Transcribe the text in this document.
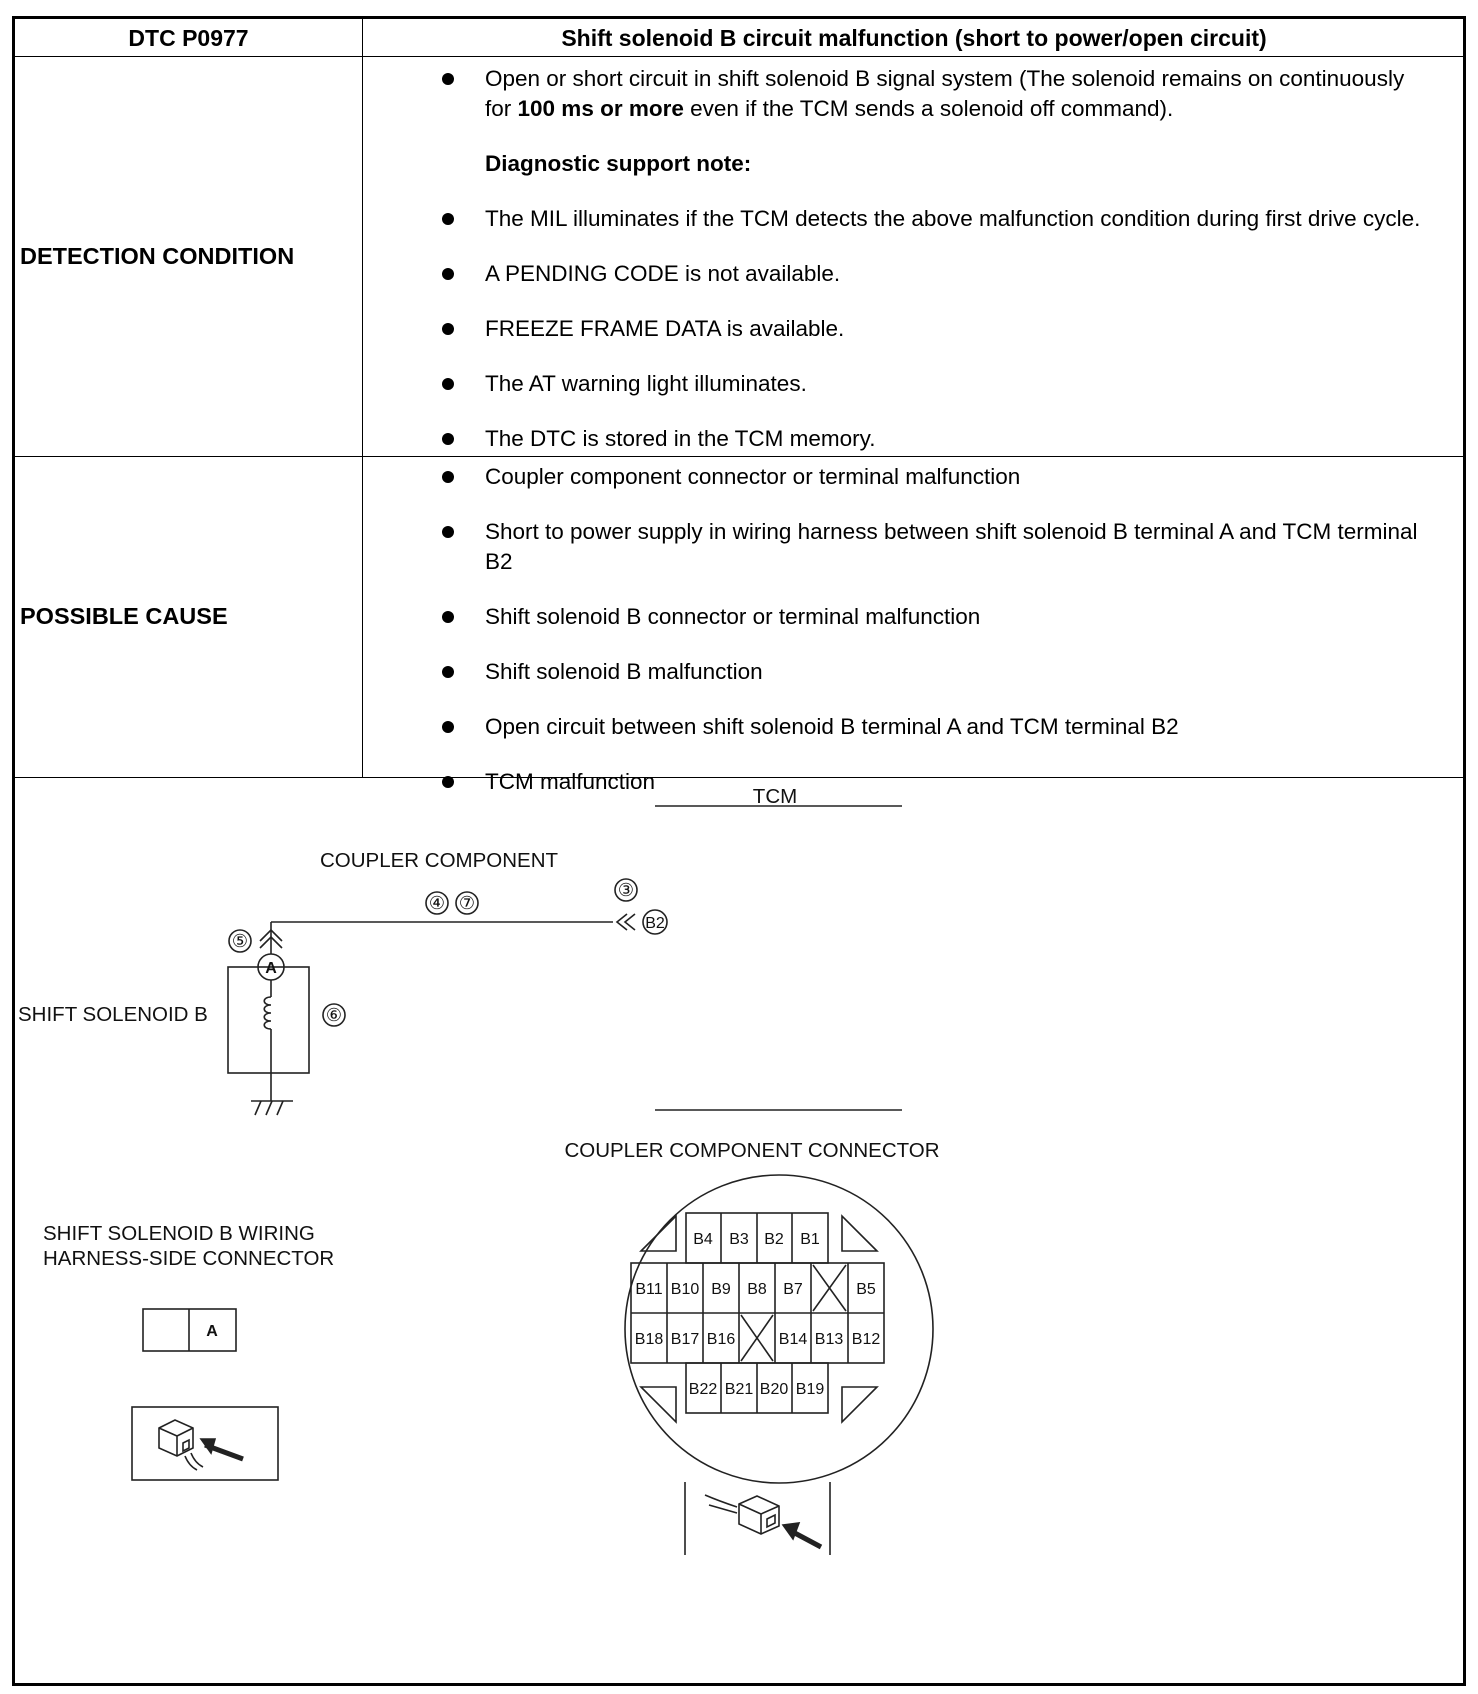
DTC P0977	Shift solenoid B circuit malfunction (short to power/open circuit)
DETECTION CONDITION
Open or short circuit in shift solenoid B signal system (The solenoid remains on continuously for 100 ms or more even if the TCM sends a solenoid off command).
Diagnostic support note:
The MIL illuminates if the TCM detects the above malfunction condition during first drive cycle.
A PENDING CODE is not available.
FREEZE FRAME DATA is available.
The AT warning light illuminates.
The DTC is stored in the TCM memory.
POSSIBLE CAUSE
Coupler component connector or terminal malfunction
Short to power supply in wiring harness between shift solenoid B terminal A and TCM terminal B2
Shift solenoid B connector or terminal malfunction
Shift solenoid B malfunction
Open circuit between shift solenoid B terminal A and TCM terminal B2
TCM malfunction
TCM
COUPLER COMPONENT
SHIFT SOLENOID B
④ ⑦
③
⑤
⑥
A
B2
SHIFT SOLENOID B WIRING
HARNESS-SIDE CONNECTOR
A
COUPLER COMPONENT CONNECTOR
B4 B3 B2 B1
B11 B10 B9 B8 B7	B5
B18 B17 B16	B14 B13 B12
B22 B21 B20 B19
